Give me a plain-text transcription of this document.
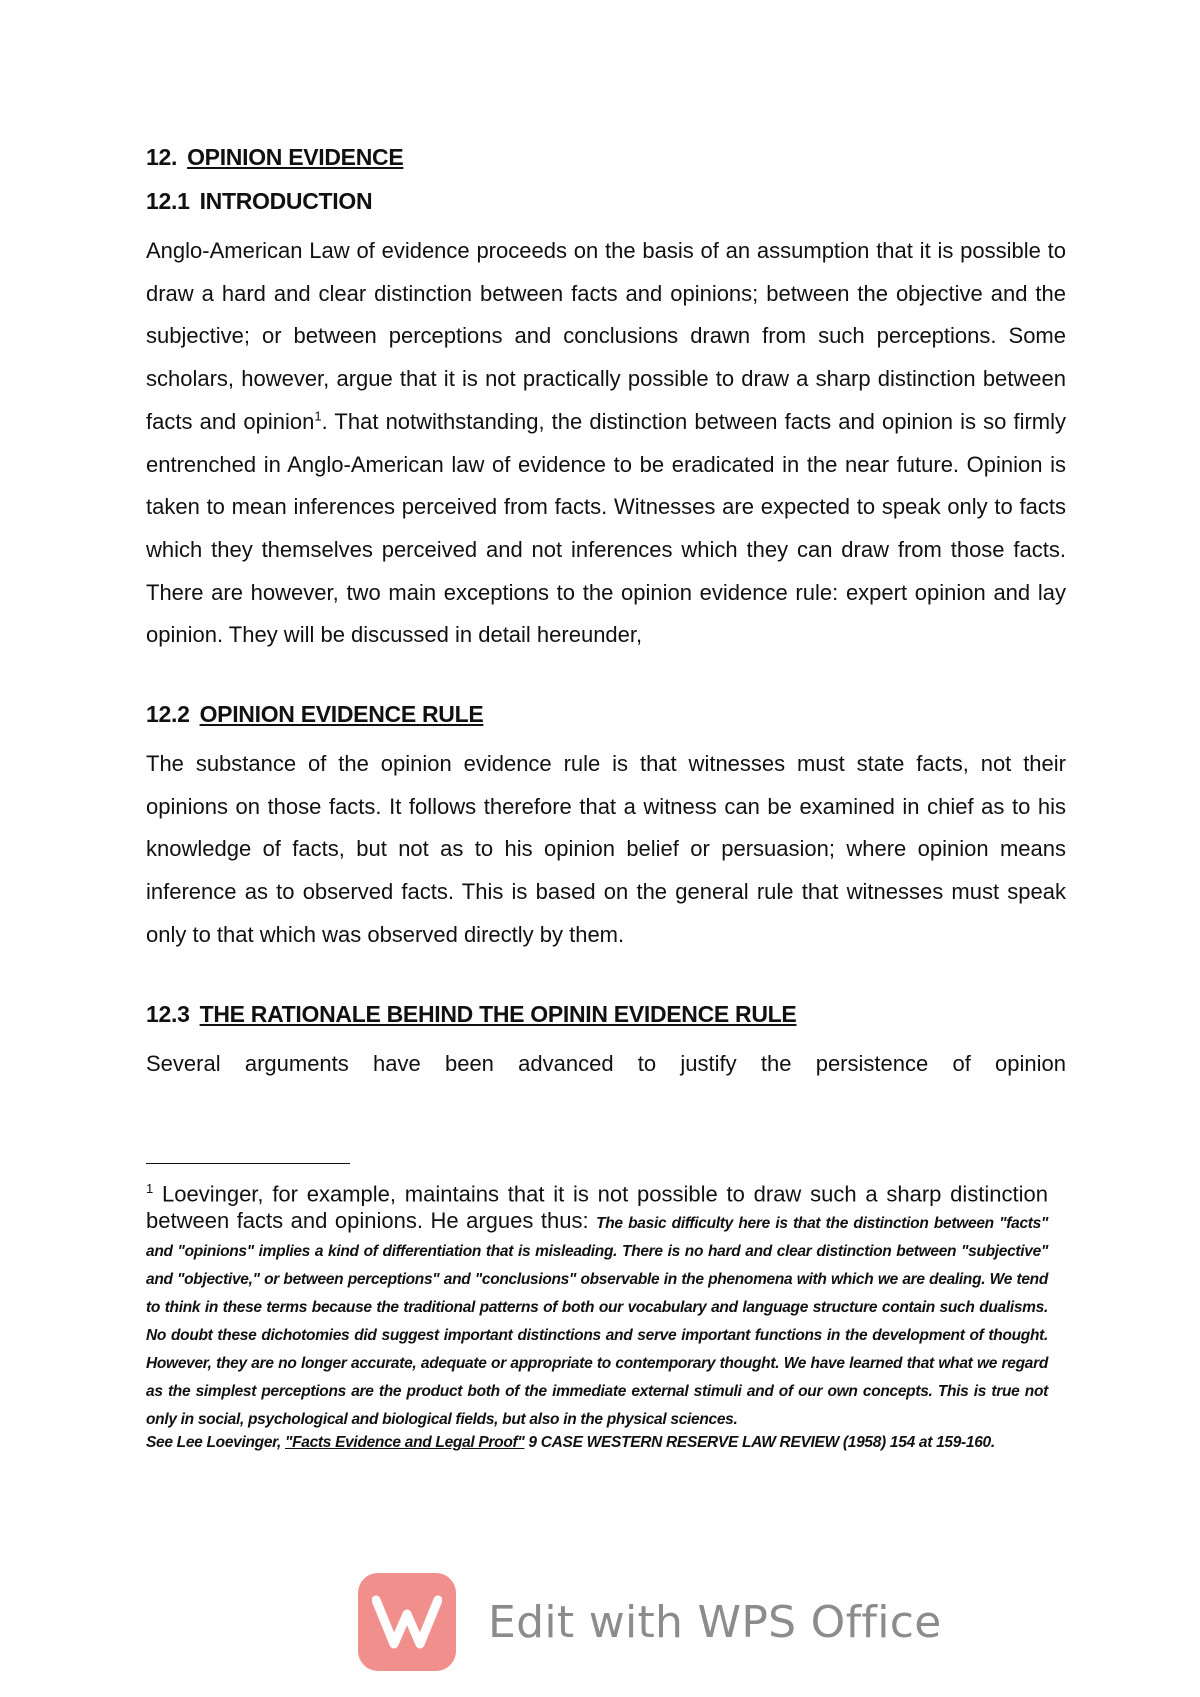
12. OPINION EVIDENCE
12.1 INTRODUCTION

Anglo-American Law of evidence proceeds on the basis of an assumption that it is possible to draw a hard and clear distinction between facts and opinions; between the objective and the subjective; or between perceptions and conclusions drawn from such perceptions. Some scholars, however, argue that it is not practically possible to draw a sharp distinction between facts and opinion$^1$. That notwithstanding, the distinction between facts and opinion is so firmly entrenched in Anglo-American law of evidence to be eradicated in the near future. Opinion is taken to mean inferences perceived from facts. Witnesses are expected to speak only to facts which they themselves perceived and not inferences which they can draw from those facts. There are however, two main exceptions to the opinion evidence rule: expert opinion and lay opinion. They will be discussed in detail hereunder,

12.2 OPINION EVIDENCE RULE

The substance of the opinion evidence rule is that witnesses must state facts, not their opinions on those facts. It follows therefore that a witness can be examined in chief as to his knowledge of facts, but not as to his opinion belief or persuasion; where opinion means inference as to observed facts. This is based on the general rule that witnesses must speak only to that which was observed directly by them.

12.3 THE RATIONALE BEHIND THE OPININ EVIDENCE RULE

Several arguments have been advanced to justify the persistence of opinion

$^1$ Loevinger, for example, maintains that it is not possible to draw such a sharp distinction between facts and opinions. He argues thus: The basic difficulty here is that the distinction between "facts" and "opinions" implies a kind of differentiation that is misleading. There is no hard and clear distinction between "subjective" and "objective," or between perceptions" and "conclusions" observable in the phenomena with which we are dealing. We tend to think in these terms because the traditional patterns of both our vocabulary and language structure contain such dualisms. No doubt these dichotomies did suggest important distinctions and serve important functions in the development of thought. However, they are no longer accurate, adequate or appropriate to contemporary thought. We have learned that what we regard as the simplest perceptions are the product both of the immediate external stimuli and of our own concepts. This is true not only in social, psychological and biological fields, but also in the physical sciences.
See Lee Loevinger, "Facts Evidence and Legal Proof" 9 CASE WESTERN RESERVE LAW REVIEW (1958) 154 at 159-160.
Edit with WPS Office
